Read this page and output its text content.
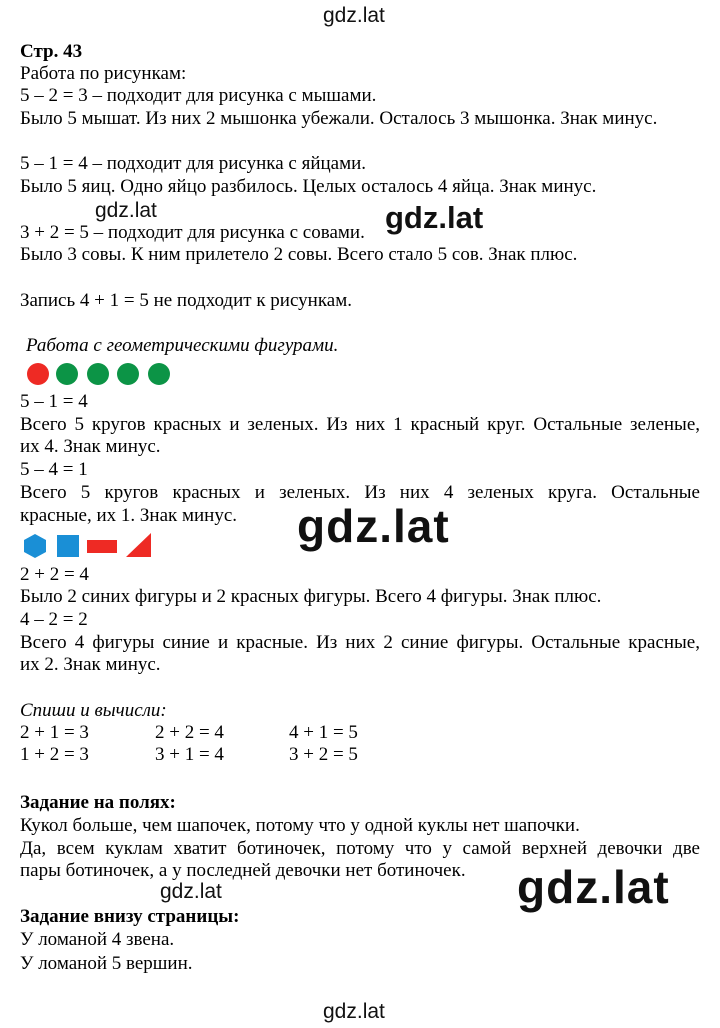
gdz.lat
gdz.lat	gdz.lat
gdz.lat
gdz.lat	gdz.lat
gdz.lat
Стр. 43
Работа по рисункам:
5 – 2 = 3 – подходит для рисунка с мышами.
Было 5 мышат. Из них 2 мышонка убежали. Осталось 3 мышонка. Знак минус.
5 – 1 = 4 – подходит для рисунка с яйцами.
Было 5 яиц. Одно яйцо разбилось. Целых осталось 4 яйца. Знак минус.
3 + 2 = 5 – подходит для рисунка с совами.
Было 3 совы. К ним прилетело 2 совы. Всего стало 5 сов. Знак плюс.
Запись 4 + 1 = 5 не подходит к рисункам.
Работа с геометрическими фигурами.
5 – 1 = 4
Всего 5 кругов красных и зеленых. Из них 1 красный круг. Остальные зеленые,
их 4. Знак минус.
5 – 4 = 1
Всего 5 кругов красных и зеленых. Из них 4 зеленых круга. Остальные
красные, их 1. Знак минус.
2 + 2 = 4
Было 2 синих фигуры и 2 красных фигуры. Всего 4 фигуры. Знак плюс.
4 – 2 = 2
Всего 4 фигуры синие и красные. Из них 2 синие фигуры. Остальные красные,
их 2. Знак минус.
Спиши и вычисли:
2 + 1 = 3	2 + 2 = 4	4 + 1 = 5
1 + 2 = 3	3 + 1 = 4	3 + 2 = 5
Задание на полях:
Кукол больше, чем шапочек, потому что у одной куклы нет шапочки.
Да, всем куклам хватит ботиночек, потому что у самой верхней девочки две
пары ботиночек, а у последней девочки нет ботиночек.
Задание внизу страницы:
У ломаной 4 звена.
У ломаной 5 вершин.
